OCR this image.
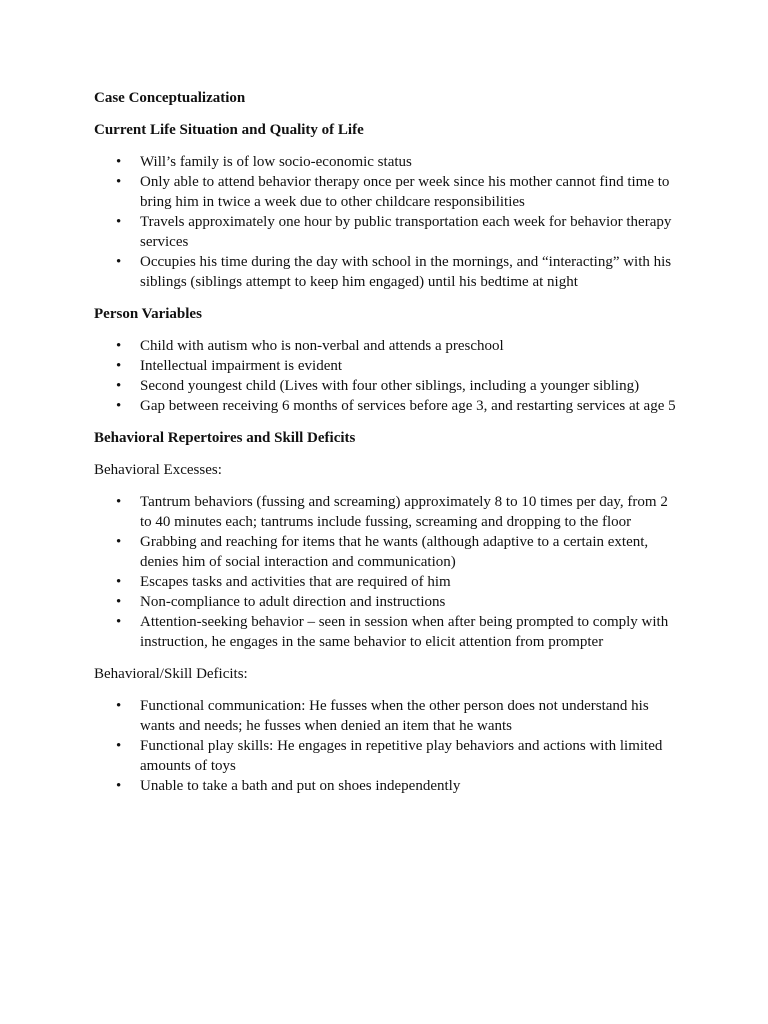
Case Conceptualization
Current Life Situation and Quality of Life
• Will’s family is of low socio-economic status
• Only able to attend behavior therapy once per week since his mother cannot find time to bring him in twice a week due to other childcare responsibilities
• Travels approximately one hour by public transportation each week for behavior therapy services
• Occupies his time during the day with school in the mornings, and “interacting” with his siblings (siblings attempt to keep him engaged) until his bedtime at night
Person Variables
• Child with autism who is non-verbal and attends a preschool
• Intellectual impairment is evident
• Second youngest child (Lives with four other siblings, including a younger sibling)
• Gap between receiving 6 months of services before age 3, and restarting services at age 5
Behavioral Repertoires and Skill Deficits
Behavioral Excesses:
• Tantrum behaviors (fussing and screaming) approximately 8 to 10 times per day, from 2 to 40 minutes each; tantrums include fussing, screaming and dropping to the floor
• Grabbing and reaching for items that he wants (although adaptive to a certain extent, denies him of social interaction and communication)
• Escapes tasks and activities that are required of him
• Non-compliance to adult direction and instructions
• Attention-seeking behavior – seen in session when after being prompted to comply with instruction, he engages in the same behavior to elicit attention from prompter
Behavioral/Skill Deficits:
• Functional communication: He fusses when the other person does not understand his wants and needs; he fusses when denied an item that he wants
• Functional play skills: He engages in repetitive play behaviors and actions with limited amounts of toys
• Unable to take a bath and put on shoes independently
